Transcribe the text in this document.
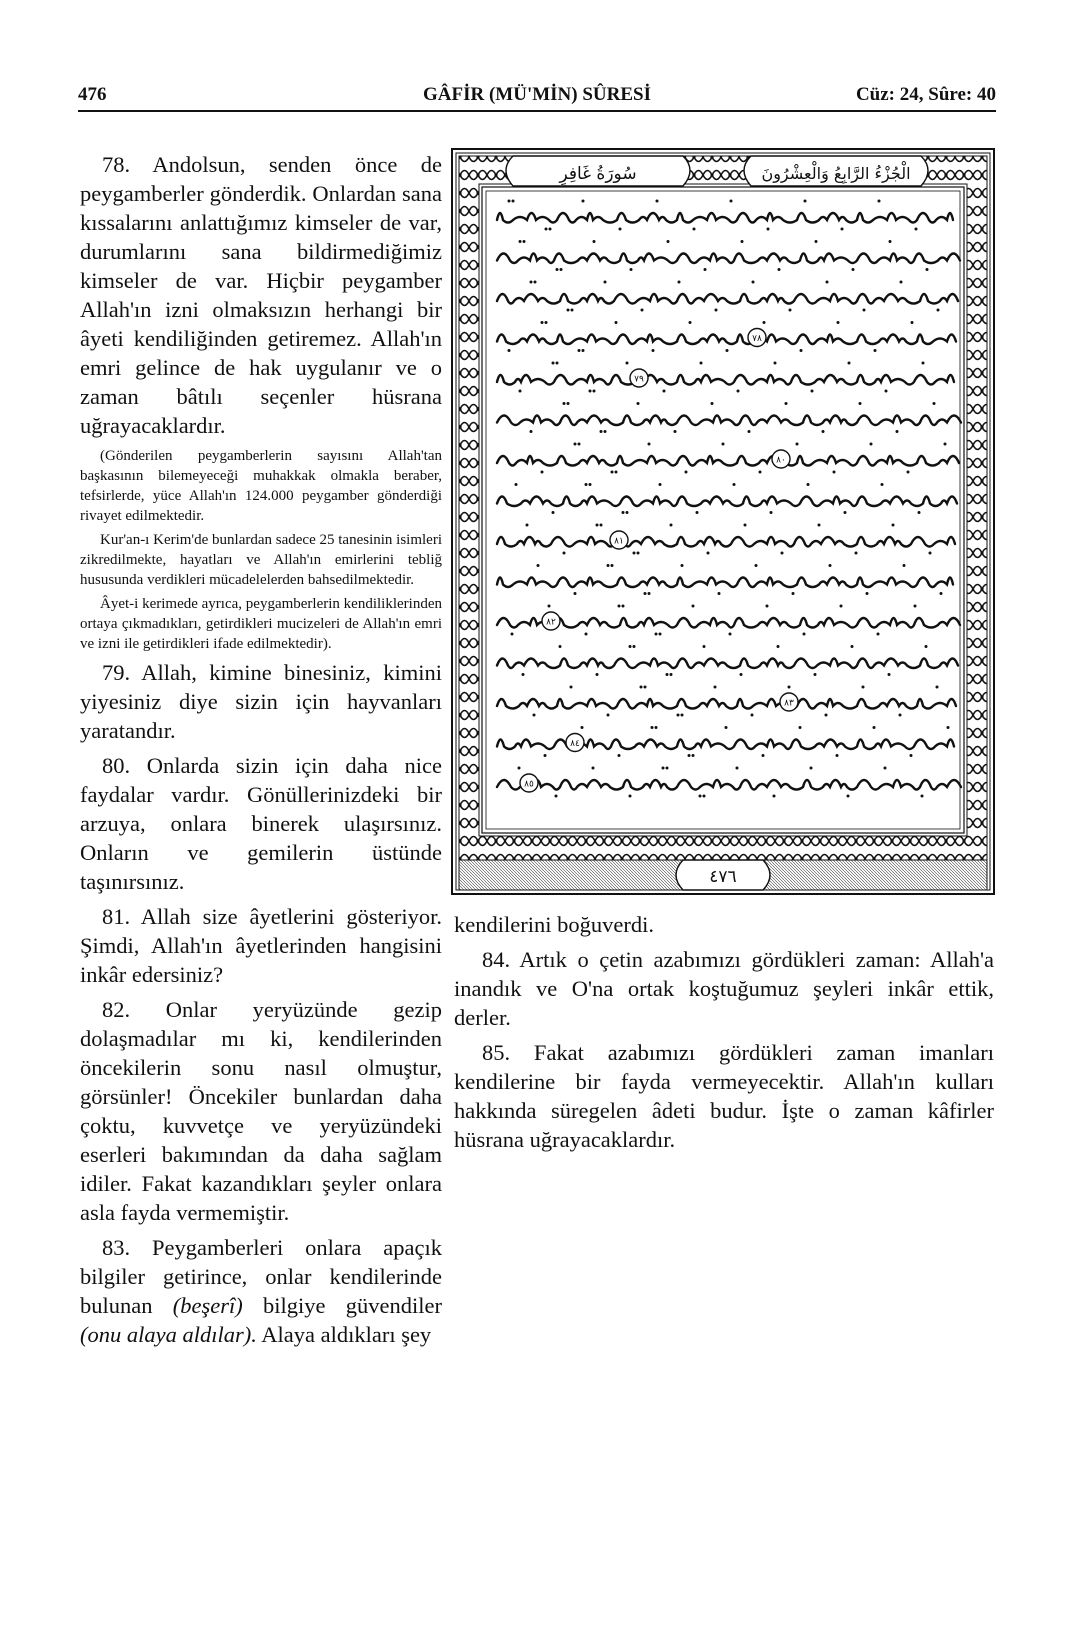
476	GÂFİR (MÜ'MİN) SÛRESİ	Cüz: 24, Sûre: 40

78. Andolsun, senden önce de peygamberler gönderdik. Onlardan sana kıssalarını anlattığımız kimseler de var, durumlarını sana bildirmediğimiz kimseler de var. Hiçbir peygamber Allah'ın izni olmaksızın herhangi bir âyeti kendiliğinden getiremez. Allah'ın emri gelince de hak uygulanır ve o zaman bâtılı seçenler hüsrana uğrayacaklardır.

(Gönderilen peygamberlerin sayısını Allah'tan başkasının bilemeyeceği muhakkak olmakla beraber, tefsirlerde, yüce Allah'ın 124.000 peygamber gönderdiği rivayet edilmektedir.

Kur'an-ı Kerim'de bunlardan sadece 25 tanesinin isimleri zikredilmekte, hayatları ve Allah'ın emirlerini tebliğ hususunda verdikleri mücadelelerden bahsedilmektedir.

Âyet-i kerimede ayrıca, peygamberlerin kendiliklerinden ortaya çıkmadıkları, getirdikleri mucizeleri de Allah'ın emri ve izni ile getirdikleri ifade edilmektedir).

79. Allah, kimine binesiniz, kimini yiyesiniz diye sizin için hayvanları yaratandır.

80. Onlarda sizin için daha nice faydalar vardır. Gönüllerinizdeki bir arzuya, onlara binerek ulaşırsınız. Onların ve gemilerin üstünde taşınırsınız.

81. Allah size âyetlerini gösteriyor. Şimdi, Allah'ın âyetlerinden hangisini inkâr edersiniz?

82. Onlar yeryüzünde gezip dolaşmadılar mı ki, kendilerinden öncekilerin sonu nasıl olmuştur, görsünler! Öncekiler bunlardan daha çoktu, kuvvetçe ve yeryüzündeki eserleri bakımından da daha sağlam idiler. Fakat kazandıkları şeyler onlara asla fayda vermemiştir.

83. Peygamberleri onlara apaçık bilgiler getirince, onlar kendilerinde bulunan (beşerî) bilgiye güvendiler (onu alaya aldılar). Alaya aldıkları şey

سُورَةُ غَافِرٍ	الْجُزْءُ الرَّابِعُ وَالْعِشْرُونَ
٤٧٦
٧٨
٧٩
٨٠
٨١
٨٢
٨٣
٨٤
٨٥

kendilerini boğuverdi.

84. Artık o çetin azabımızı gördükleri zaman: Allah'a inandık ve O'na ortak koştuğumuz şeyleri inkâr ettik, derler.

85. Fakat azabımızı gördükleri zaman imanları kendilerine bir fayda vermeyecektir. Allah'ın kulları hakkında süregelen âdeti budur. İşte o zaman kâfirler hüsrana uğrayacaklardır.
